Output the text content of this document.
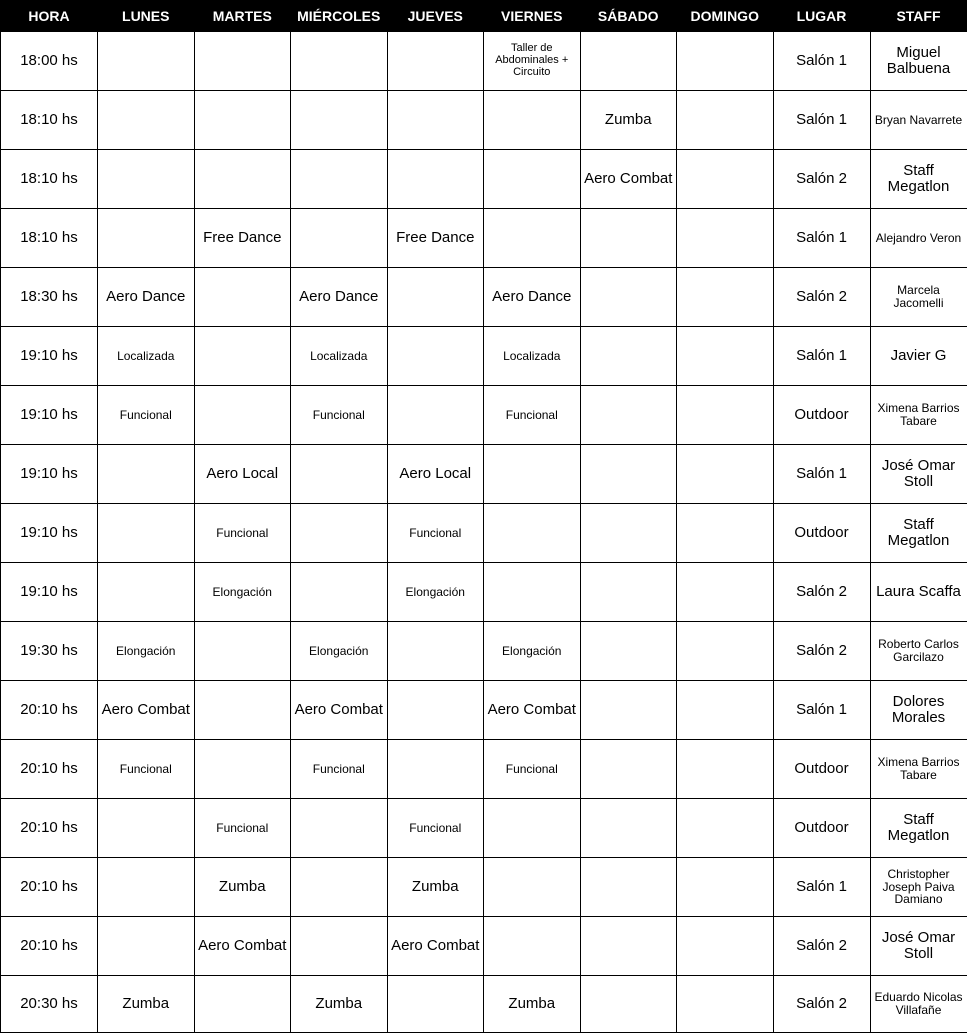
HORA	LUNES	MARTES	MIÉRCOLES	JUEVES	VIERNES	SÁBADO	DOMINGO	LUGAR	STAFF
18:00 hs					Taller de Abdominales + Circuito			Salón 1	Miguel Balbuena
18:10 hs						Zumba		Salón 1	Bryan Navarrete
18:10 hs						Aero Combat		Salón 2	Staff Megatlon
18:10 hs		Free Dance		Free Dance				Salón 1	Alejandro Veron
18:30 hs	Aero Dance		Aero Dance		Aero Dance			Salón 2	Marcela Jacomelli
19:10 hs	Localizada		Localizada		Localizada			Salón 1	Javier G
19:10 hs	Funcional		Funcional		Funcional			Outdoor	Ximena Barrios Tabare
19:10 hs		Aero Local		Aero Local				Salón 1	José Omar Stoll
19:10 hs		Funcional		Funcional				Outdoor	Staff Megatlon
19:10 hs		Elongación		Elongación				Salón 2	Laura Scaffa
19:30 hs	Elongación		Elongación		Elongación			Salón 2	Roberto Carlos Garcilazo
20:10 hs	Aero Combat		Aero Combat		Aero Combat			Salón 1	Dolores Morales
20:10 hs	Funcional		Funcional		Funcional			Outdoor	Ximena Barrios Tabare
20:10 hs		Funcional		Funcional				Outdoor	Staff Megatlon
20:10 hs		Zumba		Zumba				Salón 1	Christopher Joseph Paiva Damiano
20:10 hs		Aero Combat		Aero Combat				Salón 2	José Omar Stoll
20:30 hs	Zumba		Zumba		Zumba			Salón 2	Eduardo Nicolas Villafañe
